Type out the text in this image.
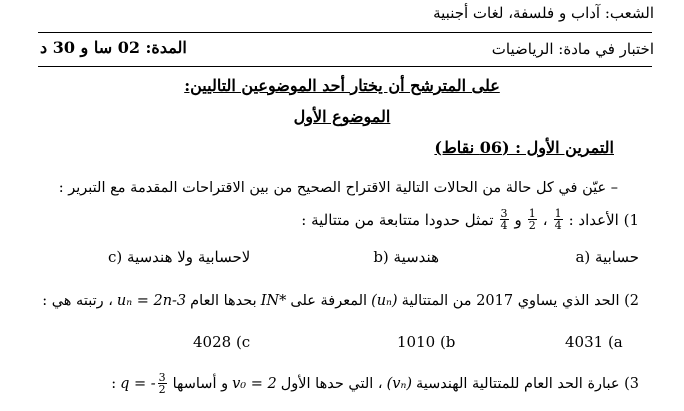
الشعب: آداب و فلسفة، لغات أجنبية
اختبار في مادة: الرياضيات
المدة: 02 سا و 30 د
على المترشح أن يختار أحد الموضوعين التاليين:
الموضوع الأول
التمرين الأول : (06 نقاط)
– عيّن في كل حالة من الحالات التالية الاقتراح الصحيح من بين الاقتراحات المقدمة مع التبرير :
1) الأعداد :
$\frac{1}{4}$
،
$\frac{1}{2}$
و
$\frac{3}{4}$
تمثل حدودا متتابعة من متتالية :
a) حسابية
b) هندسية
c) لاحسابية ولا هندسية
2) الحد الذي يساوي 2017 من المتتالية
(uₙ)
المعرفة على
IN*
بحدها العام
uₙ = 2n-3
، رتبته هي :
4031 (a
1010 (b
4028 (c
3) عبارة الحد العام للمتتالية الهندسية
(vₙ)
، التي حدها الأول
v₀ = 2
و أساسها
q = - $\frac{3}{2}$
:
